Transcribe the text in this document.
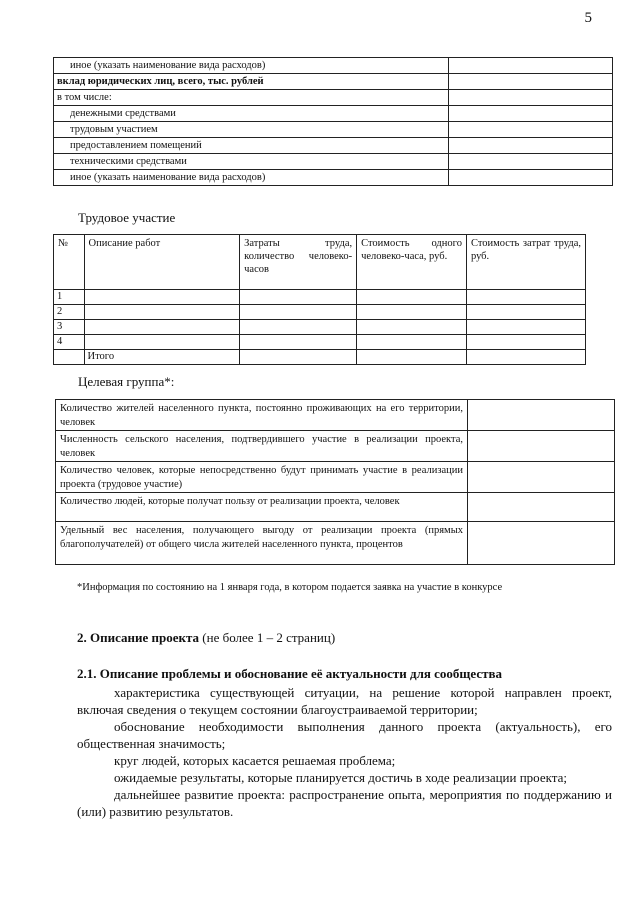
5
иное (указать наименование вида расходов)	
вклад юридических лиц, всего, тыс. рублей	
в том числе:	
денежными средствами	
трудовым участием	
предоставлением помещений	
техническими средствами	
иное (указать наименование вида расходов)	
Трудовое участие
№	Описание работ	Затраты труда, количество человеко-часов	Стоимость одного человеко-часа, руб.	Стоимость затрат труда, руб.
1				
2				
3				
4				
	Итого			
Целевая группа*:
Количество жителей населенного пункта, постоянно проживающих на его территории, человек	
Численность сельского населения, подтвердившего участие в реализации проекта, человек	
Количество человек, которые непосредственно будут принимать участие в реализации проекта (трудовое участие)	
Количество людей, которые получат пользу от реализации проекта, человек	
Удельный вес населения, получающего выгоду от реализации проекта (прямых благополучателей) от общего числа жителей населенного пункта, процентов	
*Информация по состоянию на 1 января года, в котором подается заявка на участие в конкурсе
2. Описание проекта (не более 1 – 2 страниц)
2.1. Описание проблемы и обоснование её актуальности для сообщества

характеристика существующей ситуации, на решение которой направлен проект, включая сведения о текущем состоянии благоустраиваемой территории;

обоснование необходимости выполнения данного проекта (актуальность), его общественная значимость;

круг людей, которых касается решаемая проблема;

ожидаемые результаты, которые планируется достичь в ходе реализации проекта;

дальнейшее развитие проекта: распространение опыта, мероприятия по поддержанию и (или) развитию результатов.
